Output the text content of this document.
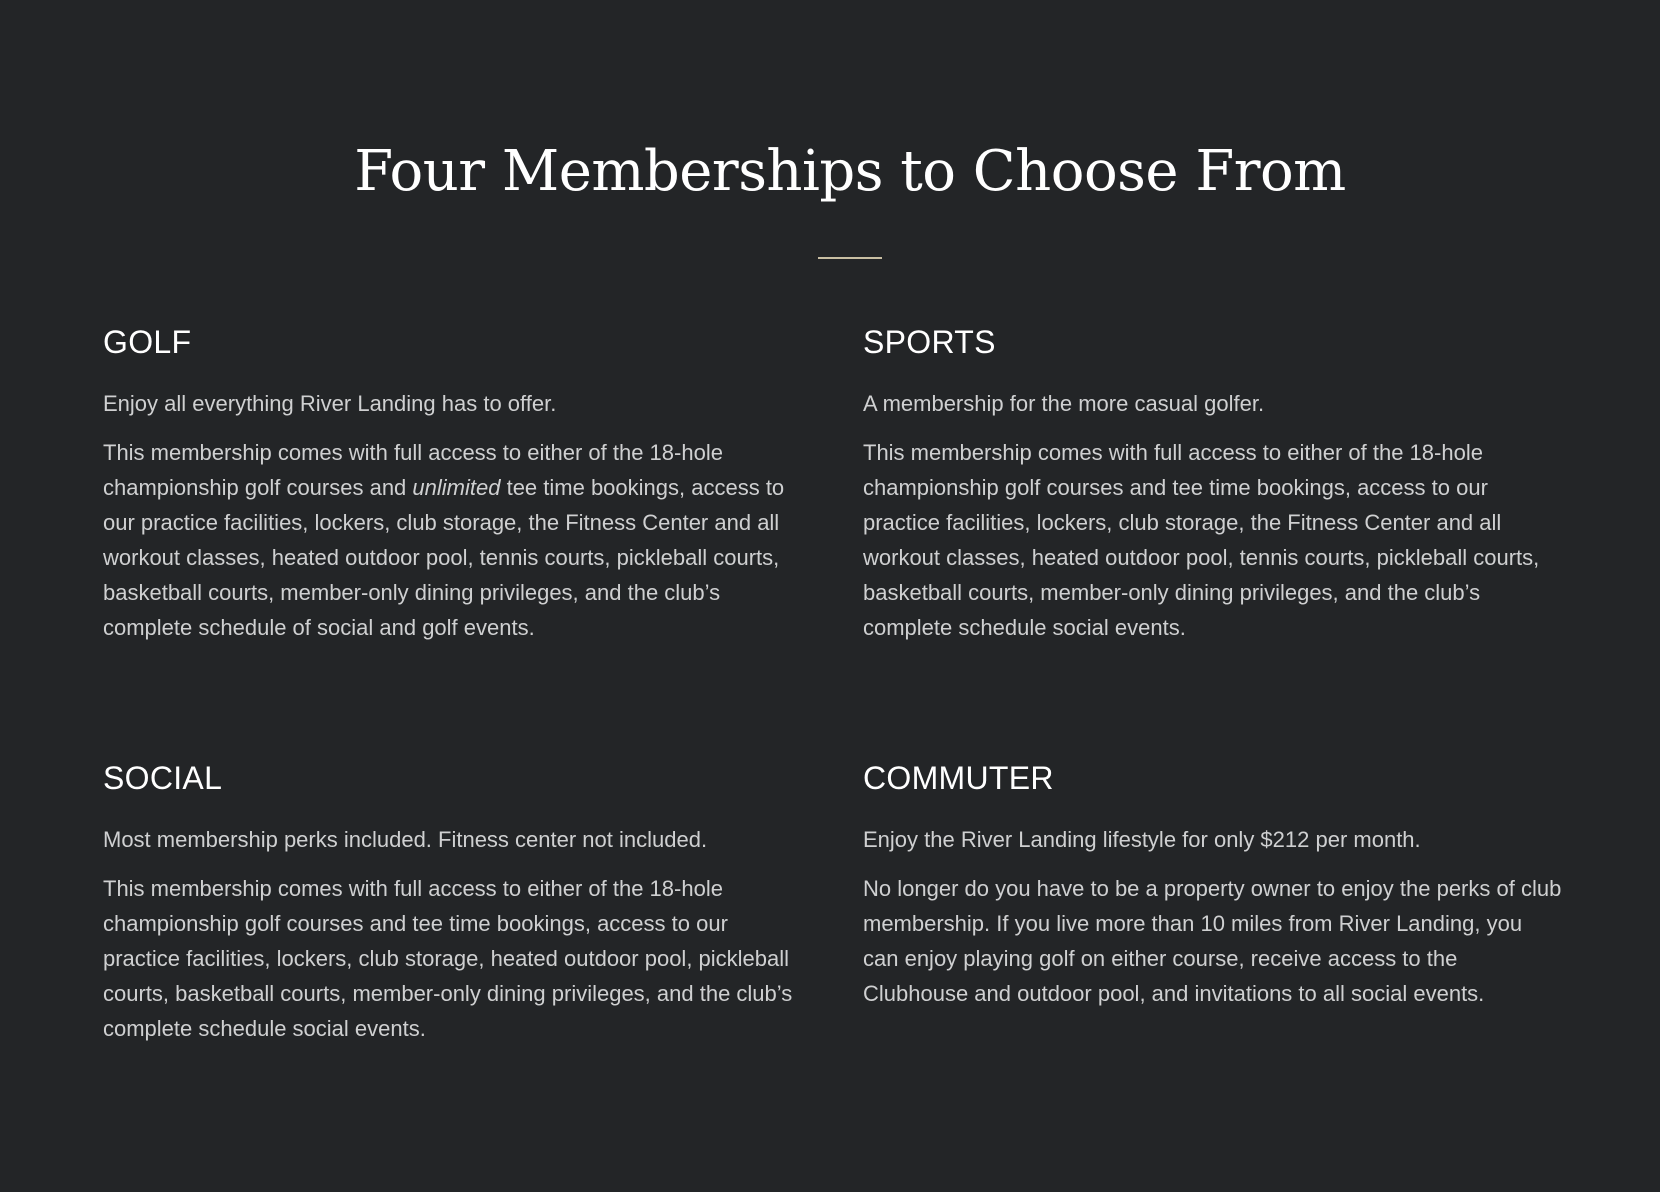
Four Memberships to Choose From
GOLF

Enjoy all everything River Landing has to offer.

This membership comes with full access to either of the 18-hole championship golf courses and unlimited tee time bookings, access to our practice facilities, lockers, club storage, the Fitness Center and all workout classes, heated outdoor pool, tennis courts, pickleball courts, basketball courts, member-only dining privileges, and the club’s complete schedule of social and golf events.

SPORTS

A membership for the more casual golfer.

This membership comes with full access to either of the 18-hole championship golf courses and tee time bookings, access to our practice facilities, lockers, club storage, the Fitness Center and all workout classes, heated outdoor pool, tennis courts, pickleball courts, basketball courts, member-only dining privileges, and the club’s complete schedule social events.

SOCIAL

Most membership perks included. Fitness center not included.

This membership comes with full access to either of the 18-hole championship golf courses and tee time bookings, access to our practice facilities, lockers, club storage, heated outdoor pool, pickleball courts, basketball courts, member-only dining privileges, and the club’s complete schedule social events.

COMMUTER

Enjoy the River Landing lifestyle for only $212 per month.

No longer do you have to be a property owner to enjoy the perks of club membership. If you live more than 10 miles from River Landing, you can enjoy playing golf on either course, receive access to the Clubhouse and outdoor pool, and invitations to all social events.
